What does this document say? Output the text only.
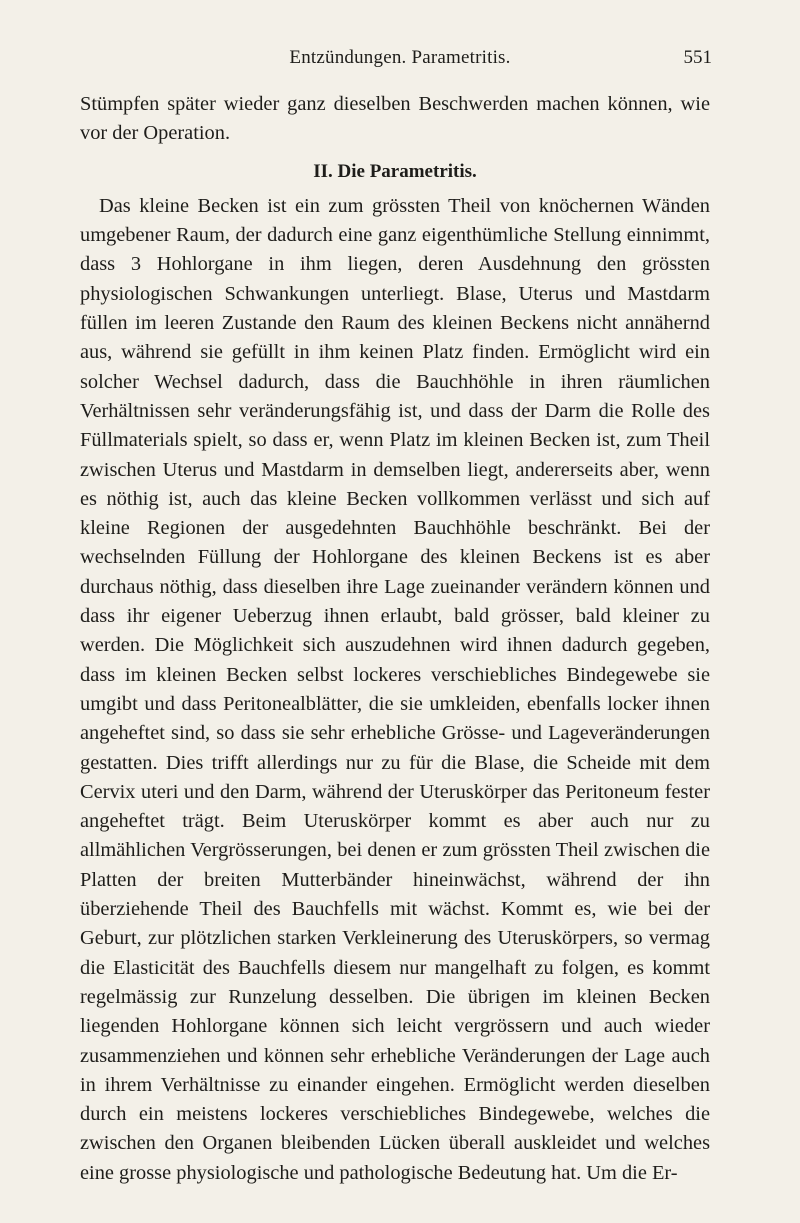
Entzündungen. Parametritis.	551

Stümpfen später wieder ganz dieselben Beschwerden machen können, wie vor der Operation.

II. Die Parametritis.

Das kleine Becken ist ein zum grössten Theil von knöchernen Wänden umgebener Raum, der dadurch eine ganz eigenthümliche Stellung einnimmt, dass 3 Hohlorgane in ihm liegen, deren Ausdehnung den grössten physiologischen Schwankungen unterliegt. Blase, Uterus und Mastdarm füllen im leeren Zustande den Raum des kleinen Beckens nicht annähernd aus, während sie gefüllt in ihm keinen Platz finden. Ermöglicht wird ein solcher Wechsel dadurch, dass die Bauchhöhle in ihren räumlichen Verhältnissen sehr veränderungsfähig ist, und dass der Darm die Rolle des Füllmaterials spielt, so dass er, wenn Platz im kleinen Becken ist, zum Theil zwischen Uterus und Mastdarm in demselben liegt, andererseits aber, wenn es nöthig ist, auch das kleine Becken vollkommen verlässt und sich auf kleine Regionen der ausgedehnten Bauchhöhle beschränkt. Bei der wechselnden Füllung der Hohlorgane des kleinen Beckens ist es aber durchaus nöthig, dass dieselben ihre Lage zueinander verändern können und dass ihr eigener Ueberzug ihnen erlaubt, bald grösser, bald kleiner zu werden. Die Möglichkeit sich auszudehnen wird ihnen dadurch gegeben, dass im kleinen Becken selbst lockeres verschiebliches Bindegewebe sie umgibt und dass Peritonealblätter, die sie umkleiden, ebenfalls locker ihnen angeheftet sind, so dass sie sehr erhebliche Grösse- und Lageveränderungen gestatten. Dies trifft allerdings nur zu für die Blase, die Scheide mit dem Cervix uteri und den Darm, während der Uteruskörper das Peritoneum fester angeheftet trägt. Beim Uteruskörper kommt es aber auch nur zu allmählichen Vergrösserungen, bei denen er zum grössten Theil zwischen die Platten der breiten Mutterbänder hineinwächst, während der ihn überziehende Theil des Bauchfells mit wächst. Kommt es, wie bei der Geburt, zur plötzlichen starken Verkleinerung des Uteruskörpers, so vermag die Elasticität des Bauchfells diesem nur mangelhaft zu folgen, es kommt regelmässig zur Runzelung desselben. Die übrigen im kleinen Becken liegenden Hohlorgane können sich leicht vergrössern und auch wieder zusammenziehen und können sehr erhebliche Veränderungen der Lage auch in ihrem Verhältnisse zu einander eingehen. Ermöglicht werden dieselben durch ein meistens lockeres verschiebliches Bindegewebe, welches die zwischen den Organen bleibenden Lücken überall auskleidet und welches eine grosse physiologische und pathologische Bedeutung hat. Um die Er-
